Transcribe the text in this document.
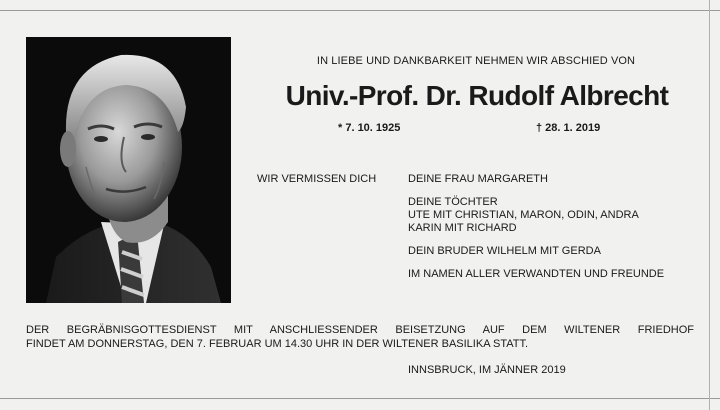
IN LIEBE UND DANKBARKEIT NEHMEN WIR ABSCHIED VON
Univ.-Prof. Dr. Rudolf Albrecht
* 7. 10. 1925	† 28. 1. 2019
WIR VERMISSEN DICH	DEINE FRAU MARGARETH
DEINE TÖCHTER
UTE MIT CHRISTIAN, MARON, ODIN, ANDRA
KARIN MIT RICHARD
DEIN BRUDER WILHELM MIT GERDA
IM NAMEN ALLER VERWANDTEN UND FREUNDE
DER BEGRÄBNISGOTTESDIENST MIT ANSCHLIESSENDER BEISETZUNG AUF DEM WILTENER FRIEDHOF
FINDET AM DONNERSTAG, DEN 7. FEBRUAR UM 14.30 UHR IN DER WILTENER BASILIKA STATT.
INNSBRUCK, IM JÄNNER 2019
